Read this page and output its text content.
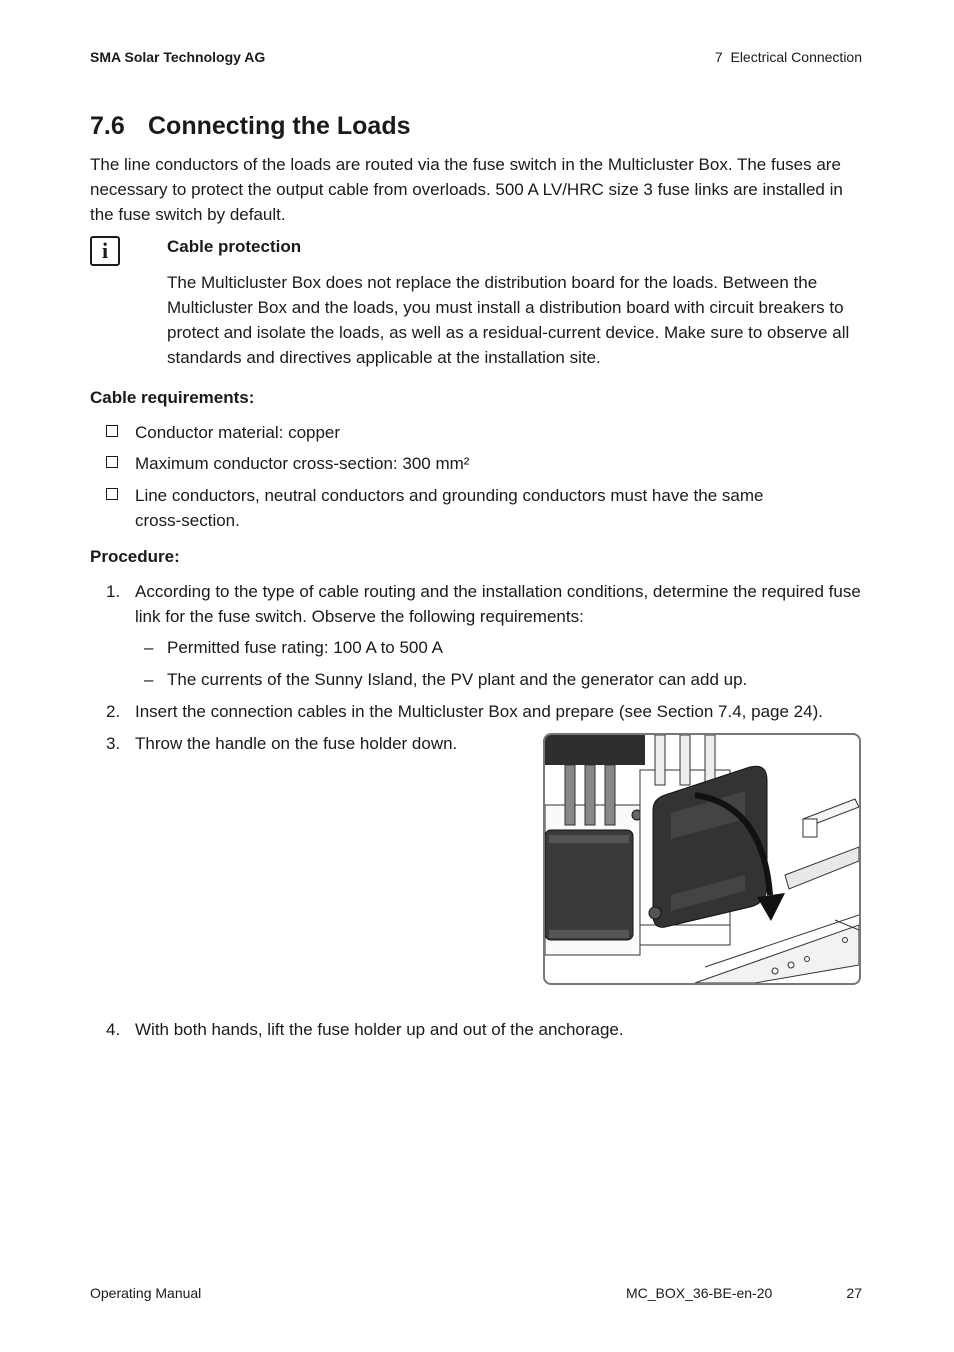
SMA Solar Technology AG	7  Electrical Connection
7.6 Connecting the Loads
The line conductors of the loads are routed via the fuse switch in the Multicluster Box. The fuses are necessary to protect the output cable from overloads. 500 A LV/HRC size 3 fuse links are installed in the fuse switch by default.
i	Cable protection
The Multicluster Box does not replace the distribution board for the loads. Between the Multicluster Box and the loads, you must install a distribution board with circuit breakers to protect and isolate the loads, as well as a residual-current device. Make sure to observe all standards and directives applicable at the installation site.
Cable requirements:
Conductor material: copper
Maximum conductor cross-section: 300 mm²
Line conductors, neutral conductors and grounding conductors must have the same cross-section.
Procedure:
1. According to the type of cable routing and the installation conditions, determine the required fuse link for the fuse switch. Observe the following requirements:
– Permitted fuse rating: 100 A to 500 A
– The currents of the Sunny Island, the PV plant and the generator can add up.
2. Insert the connection cables in the Multicluster Box and prepare (see Section 7.4, page 24).
3. Throw the handle on the fuse holder down.
4. With both hands, lift the fuse holder up and out of the anchorage.
Operating Manual	MC_BOX_36-BE-en-20	27
